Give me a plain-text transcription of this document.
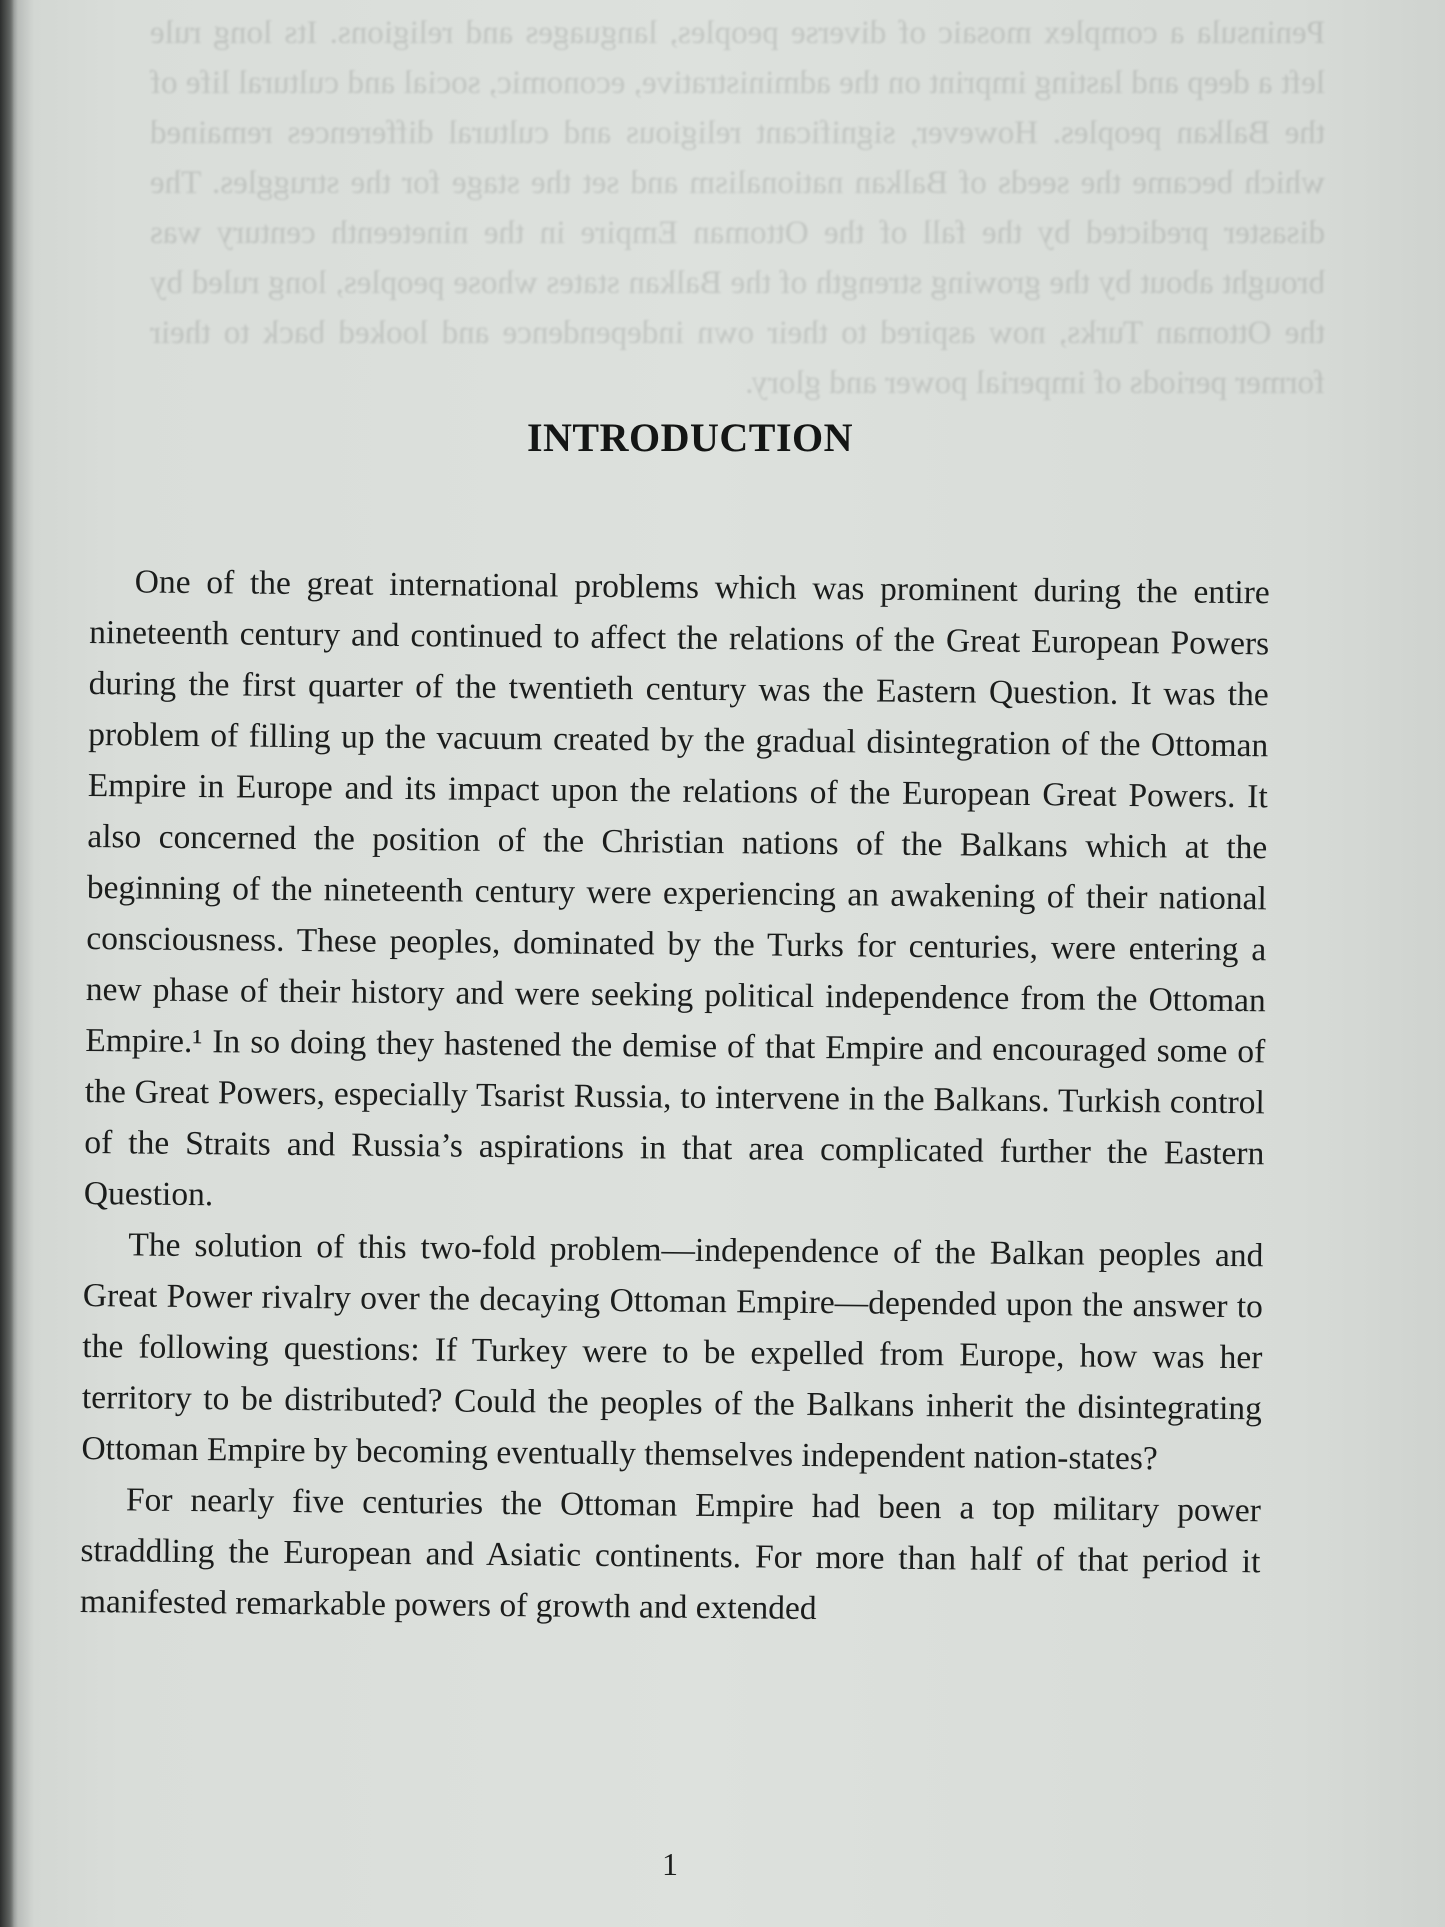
Peninsula a complex mosaic of diverse peoples, languages and religions. Its long rule left a deep and lasting imprint on the administrative, economic, social and cultural life of the Balkan peoples. However, significant religious and cultural differences remained which became the seeds of Balkan nationalism and set the stage for the struggles. The disaster predicted by the fall of the Ottoman Empire in the nineteenth century was brought about by the growing strength of the Balkan states whose peoples, long ruled by the Ottoman Turks, now aspired to their own independence and looked back to their former periods of imperial power and glory.

INTRODUCTION

One of the great international problems which was prominent during the entire nineteenth century and continued to affect the relations of the Great European Powers during the first quarter of the twentieth century was the Eastern Question. It was the problem of filling up the vacuum created by the gradual disintegration of the Ottoman Empire in Europe and its impact upon the relations of the European Great Powers. It also concerned the position of the Christian nations of the Balkans which at the beginning of the nineteenth century were experiencing an awakening of their national consciousness. These peoples, dominated by the Turks for centuries, were entering a new phase of their history and were seeking political independence from the Ottoman Empire.¹ In so doing they hastened the demise of that Empire and encouraged some of the Great Powers, especially Tsarist Russia, to intervene in the Balkans. Turkish control of the Straits and Russia’s aspirations in that area complicated further the Eastern Question.

The solution of this two-fold problem—independence of the Balkan peoples and Great Power rivalry over the decaying Ottoman Empire—depended upon the answer to the following questions: If Turkey were to be expelled from Europe, how was her territory to be distributed? Could the peoples of the Balkans inherit the disintegrating Ottoman Empire by becoming eventually themselves independent nation-states?

For nearly five centuries the Ottoman Empire had been a top military power straddling the European and Asiatic continents. For more than half of that period it manifested remarkable powers of growth and extended

1
